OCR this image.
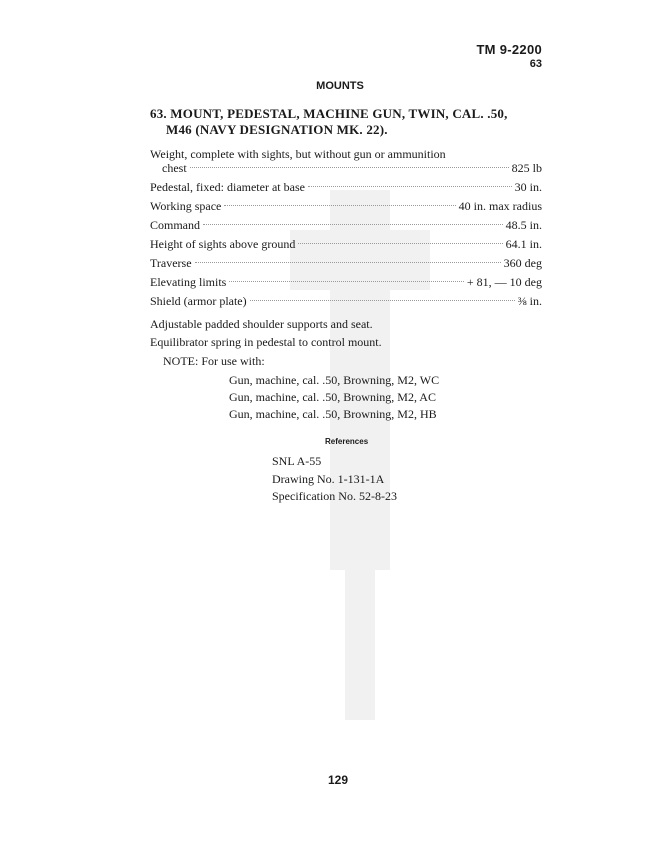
TM 9-2200
63
MOUNTS
63. MOUNT, PEDESTAL, MACHINE GUN, TWIN, CAL. .50,
M46 (NAVY DESIGNATION MK. 22).
Weight, complete with sights, but without gun or ammunition
chest	825 lb
Pedestal, fixed: diameter at base	30 in.
Working space	40 in. max radius
Command	48.5 in.
Height of sights above ground	64.1 in.
Traverse	360 deg
Elevating limits	+ 81, — 10 deg
Shield (armor plate)	⅜ in.
Adjustable padded shoulder supports and seat.
Equilibrator spring in pedestal to control mount.
NOTE: For use with:
Gun, machine, cal. .50, Browning, M2, WC
Gun, machine, cal. .50, Browning, M2, AC
Gun, machine, cal. .50, Browning, M2, HB
References
SNL A-55
Drawing No. 1-131-1A
Specification No. 52-8-23
129
